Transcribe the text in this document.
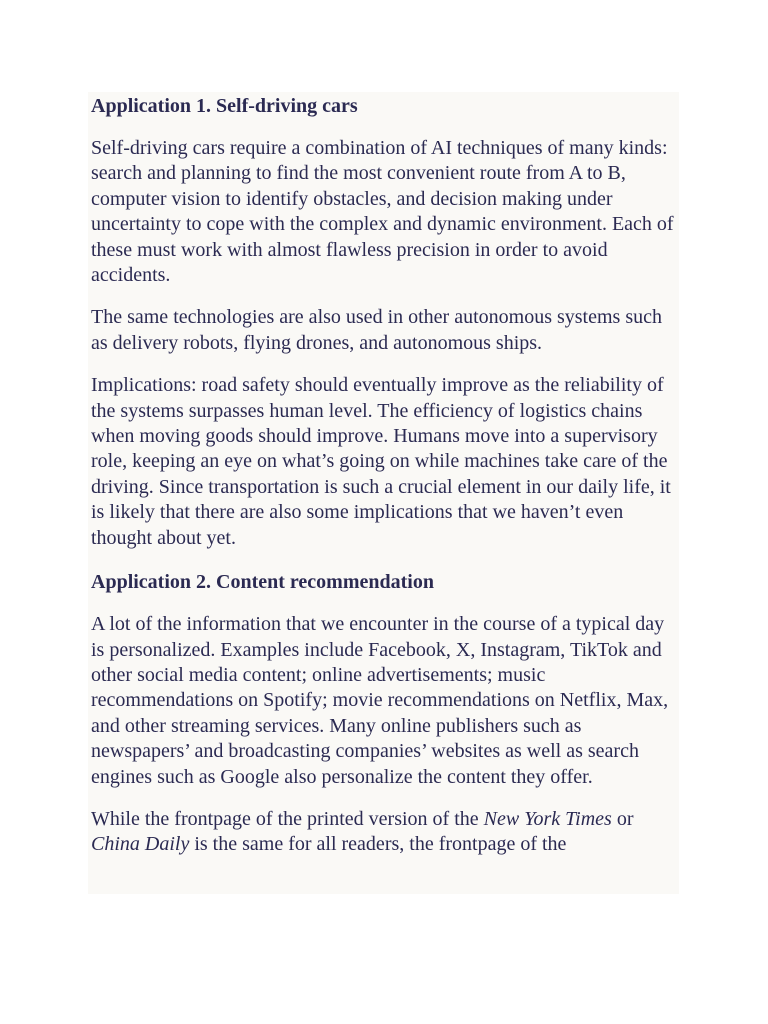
Application 1. Self-driving cars

Self-driving cars require a combination of AI techniques of many kinds: search and planning to find the most convenient route from A to B, computer vision to identify obstacles, and decision making under uncertainty to cope with the complex and dynamic environment. Each of these must work with almost flawless precision in order to avoid accidents.

The same technologies are also used in other autonomous systems such as delivery robots, flying drones, and autonomous ships.

Implications: road safety should eventually improve as the reliability of the systems surpasses human level. The efficiency of logistics chains when moving goods should improve. Humans move into a supervisory role, keeping an eye on what’s going on while machines take care of the driving. Since transportation is such a crucial element in our daily life, it is likely that there are also some implications that we haven’t even thought about yet.

Application 2. Content recommendation

A lot of the information that we encounter in the course of a typical day is personalized. Examples include Facebook, X, Instagram, TikTok and other social media content; online advertisements; music recommendations on Spotify; movie recommendations on Netflix, Max, and other streaming services. Many online publishers such as newspapers’ and broadcasting companies’ websites as well as search engines such as Google also personalize the content they offer.

While the frontpage of the printed version of the New York Times or China Daily is the same for all readers, the frontpage of the
